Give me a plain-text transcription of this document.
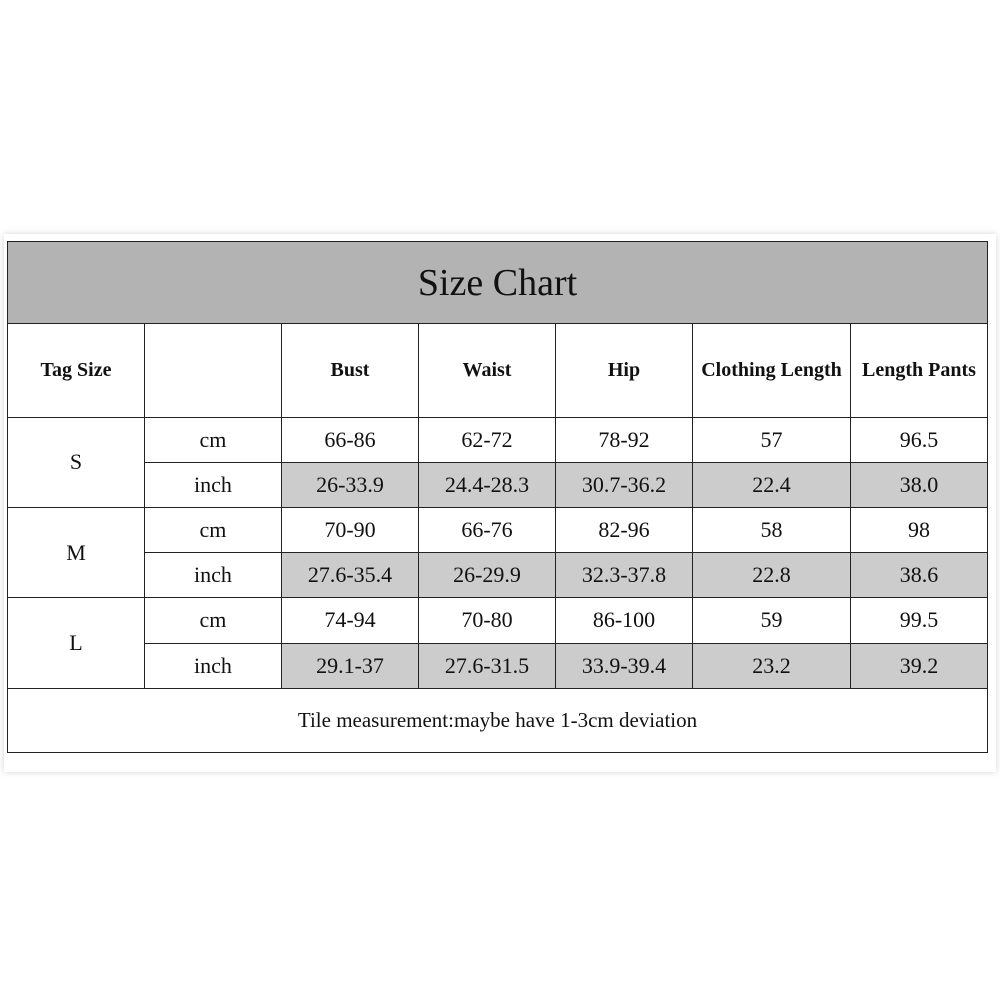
Size Chart						
Tag Size		Bust	Waist	Hip	Clothing Length	Length Pants
S	cm	66-86	62-72	78-92	57	96.5
	inch	26-33.9	24.4-28.3	30.7-36.2	22.4	38.0
M	cm	70-90	66-76	82-96	58	98
	inch	27.6-35.4	26-29.9	32.3-37.8	22.8	38.6
L	cm	74-94	70-80	86-100	59	99.5
	inch	29.1-37	27.6-31.5	33.9-39.4	23.2	39.2
Tile measurement:maybe have 1-3cm deviation						
